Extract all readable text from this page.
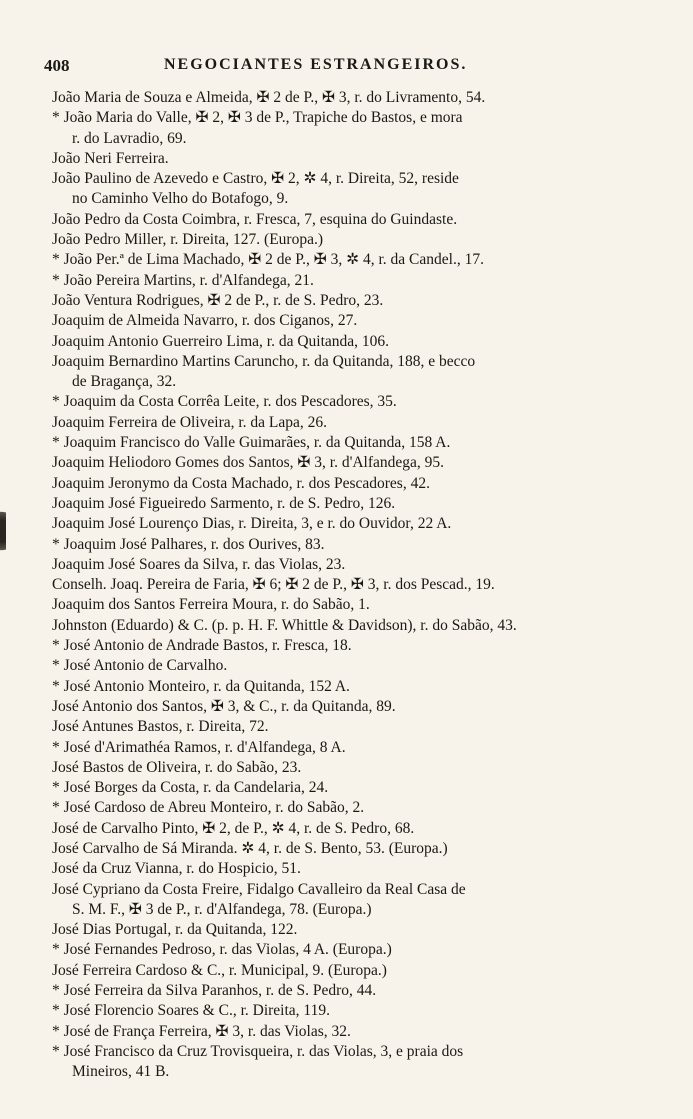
408	NEGOCIANTES ESTRANGEIROS.
João Maria de Souza e Almeida, ✠ 2 de P., ✠ 3, r. do Livramento, 54.
* João Maria do Valle, ✠ 2, ✠ 3 de P., Trapiche do Bastos, e mora
r. do Lavradio, 69.
João Neri Ferreira.
João Paulino de Azevedo e Castro, ✠ 2, ✲ 4, r. Direita, 52, reside
no Caminho Velho do Botafogo, 9.
João Pedro da Costa Coimbra, r. Fresca, 7, esquina do Guindaste.
João Pedro Miller, r. Direita, 127. (Europa.)
* João Per.ª de Lima Machado, ✠ 2 de P., ✠ 3, ✲ 4, r. da Candel., 17.
* João Pereira Martins, r. d'Alfandega, 21.
João Ventura Rodrigues, ✠ 2 de P., r. de S. Pedro, 23.
Joaquim de Almeida Navarro, r. dos Ciganos, 27.
Joaquim Antonio Guerreiro Lima, r. da Quitanda, 106.
Joaquim Bernardino Martins Caruncho, r. da Quitanda, 188, e becco
de Bragança, 32.
* Joaquim da Costa Corrêa Leite, r. dos Pescadores, 35.
Joaquim Ferreira de Oliveira, r. da Lapa, 26.
* Joaquim Francisco do Valle Guimarães, r. da Quitanda, 158 A.
Joaquim Heliodoro Gomes dos Santos, ✠ 3, r. d'Alfandega, 95.
Joaquim Jeronymo da Costa Machado, r. dos Pescadores, 42.
Joaquim José Figueiredo Sarmento, r. de S. Pedro, 126.
Joaquim José Lourenço Dias, r. Direita, 3, e r. do Ouvidor, 22 A.
* Joaquim José Palhares, r. dos Ourives, 83.
Joaquim José Soares da Silva, r. das Violas, 23.
Conselh. Joaq. Pereira de Faria, ✠ 6; ✠ 2 de P., ✠ 3, r. dos Pescad., 19.
Joaquim dos Santos Ferreira Moura, r. do Sabão, 1.
Johnston (Eduardo) & C. (p. p. H. F. Whittle & Davidson), r. do Sabão, 43.
* José Antonio de Andrade Bastos, r. Fresca, 18.
* José Antonio de Carvalho.
* José Antonio Monteiro, r. da Quitanda, 152 A.
José Antonio dos Santos, ✠ 3, & C., r. da Quitanda, 89.
José Antunes Bastos, r. Direita, 72.
* José d'Arimathéa Ramos, r. d'Alfandega, 8 A.
José Bastos de Oliveira, r. do Sabão, 23.
* José Borges da Costa, r. da Candelaria, 24.
* José Cardoso de Abreu Monteiro, r. do Sabão, 2.
José de Carvalho Pinto, ✠ 2, de P., ✲ 4, r. de S. Pedro, 68.
José Carvalho de Sá Miranda. ✲ 4, r. de S. Bento, 53. (Europa.)
José da Cruz Vianna, r. do Hospicio, 51.
José Cypriano da Costa Freire, Fidalgo Cavalleiro da Real Casa de
S. M. F., ✠ 3 de P., r. d'Alfandega, 78. (Europa.)
José Dias Portugal, r. da Quitanda, 122.
* José Fernandes Pedroso, r. das Violas, 4 A. (Europa.)
José Ferreira Cardoso & C., r. Municipal, 9. (Europa.)
* José Ferreira da Silva Paranhos, r. de S. Pedro, 44.
* José Florencio Soares & C., r. Direita, 119.
* José de França Ferreira, ✠ 3, r. das Violas, 32.
* José Francisco da Cruz Trovisqueira, r. das Violas, 3, e praia dos
Mineiros, 41 B.
